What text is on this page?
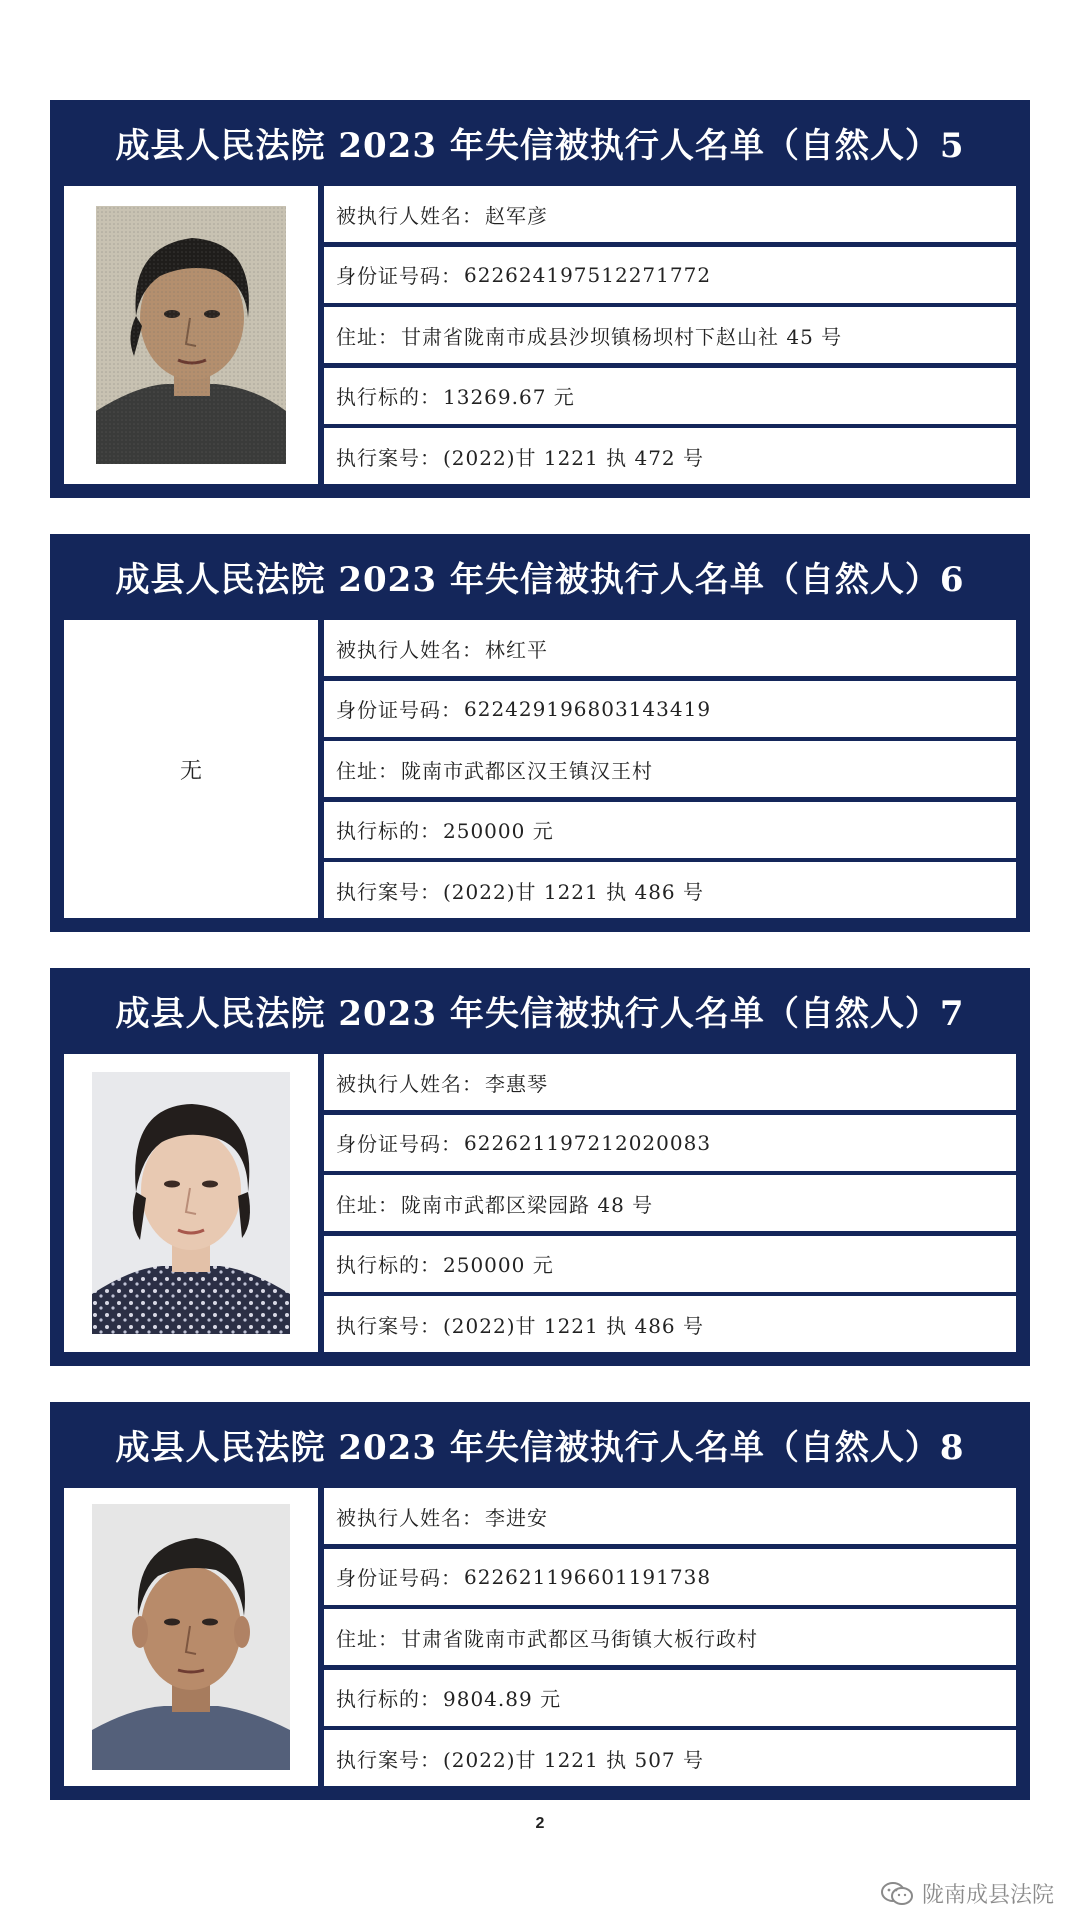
成县人民法院 2023 年失信被执行人名单（自然人）5
被执行人姓名： 赵军彦
身份证号码： 622624197512271772
住址： 甘肃省陇南市成县沙坝镇杨坝村下赵山社 45 号
执行标的： 13269.67 元
执行案号： (2022)甘 1221 执 472 号
成县人民法院 2023 年失信被执行人名单（自然人）6
无
被执行人姓名： 林红平
身份证号码： 622429196803143419
住址： 陇南市武都区汉王镇汉王村
执行标的： 250000 元
执行案号： (2022)甘 1221 执 486 号
成县人民法院 2023 年失信被执行人名单（自然人）7
被执行人姓名： 李惠琴
身份证号码： 622621197212020083
住址： 陇南市武都区梁园路 48 号
执行标的： 250000 元
执行案号： (2022)甘 1221 执 486 号
成县人民法院 2023 年失信被执行人名单（自然人）8
被执行人姓名： 李进安
身份证号码： 622621196601191738
住址： 甘肃省陇南市武都区马街镇大板行政村
执行标的： 9804.89 元
执行案号： (2022)甘 1221 执 507 号
2
陇南成县法院
